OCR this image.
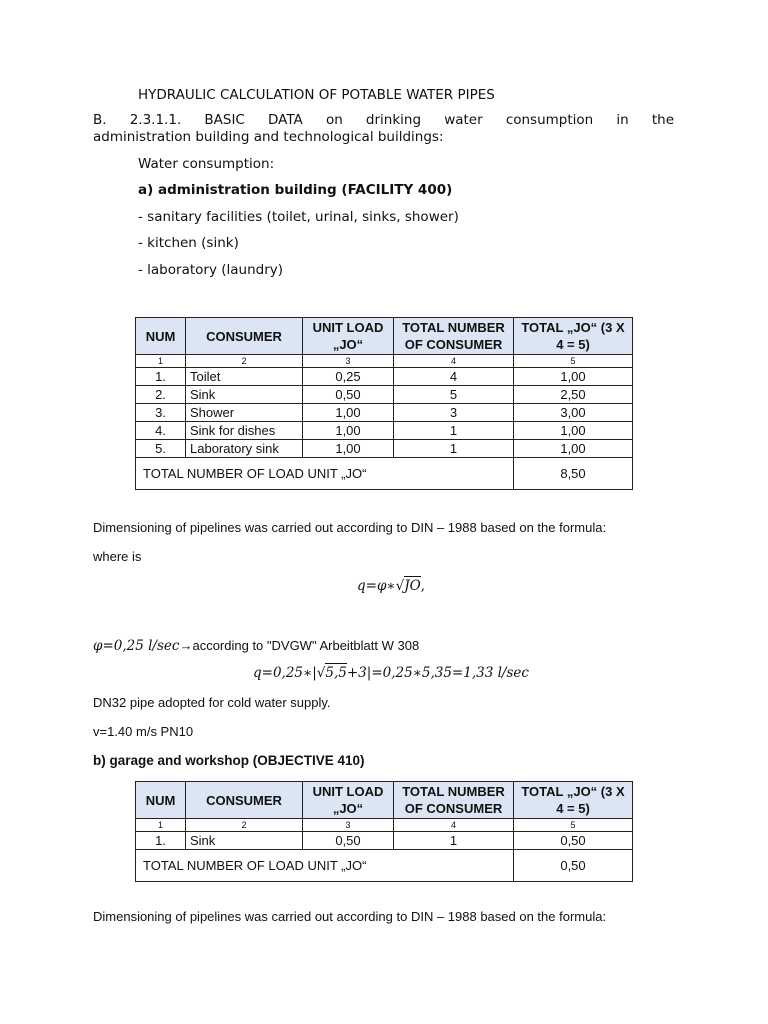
HYDRAULIC CALCULATION OF POTABLE WATER PIPES
B. 2.3.1.1. BASIC DATA on drinking water consumption in the
administration building and technological buildings:
Water consumption:
a) administration building (FACILITY 400)
- sanitary facilities (toilet, urinal, sinks, shower)
- kitchen (sink)
- laboratory (laundry)
NUM	CONSUMER	UNIT LOAD „JO“	TOTAL NUMBER OF CONSUMER	TOTAL „JO“ (3 X 4 = 5)
1	2	3	4	5
1.	Toilet	0,25	4	1,00
2.	Sink	0,50	5	2,50
3.	Shower	1,00	3	3,00
4.	Sink for dishes	1,00	1	1,00
5.	Laboratory sink	1,00	1	1,00
TOTAL NUMBER OF LOAD UNIT „JO“				8,50
Dimensioning of pipelines was carried out according to DIN – 1988 based on the formula:
where is
q=φ∗√JO,
φ=0,25 l/sec→according to "DVGW" Arbeitblatt W 308
q=0,25∗|√5,5+3|=0,25∗5,35=1,33 l/sec
DN32 pipe adopted for cold water supply.
v=1.40 m/s PN10
b) garage and workshop (OBJECTIVE 410)
NUM	CONSUMER	UNIT LOAD „JO“	TOTAL NUMBER OF CONSUMER	TOTAL „JO“ (3 X 4 = 5)
1	2	3	4	5
1.	Sink	0,50	1	0,50
TOTAL NUMBER OF LOAD UNIT „JO“				0,50
Dimensioning of pipelines was carried out according to DIN – 1988 based on the formula:
